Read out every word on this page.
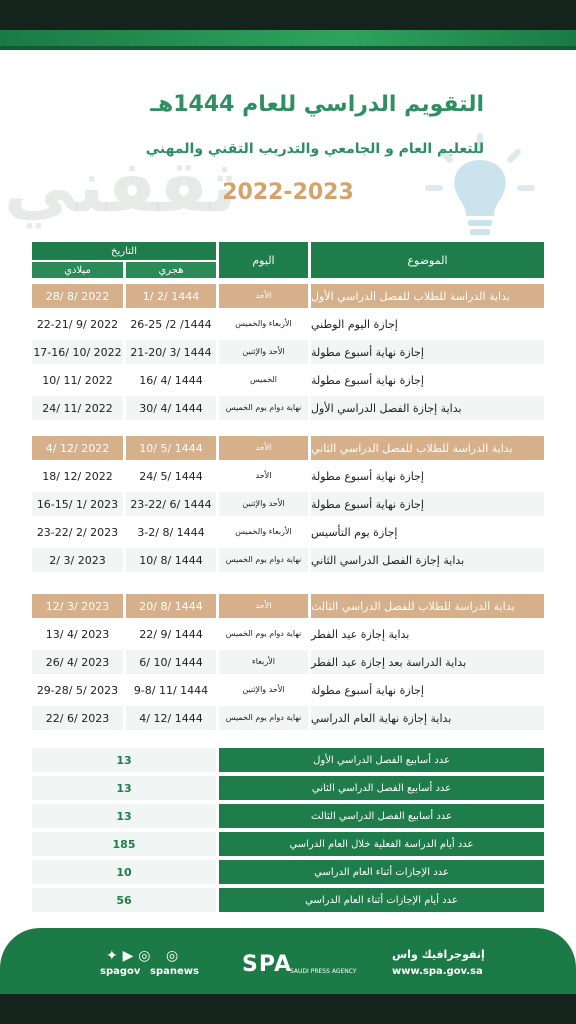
ثقفني
التقويم الدراسي للعام 1444هـ
للتعليم العام و الجامعي والتدريب التقني والمهني
2022-2023
الموضوع
اليوم
التاريخ
هجري
ميلادي
بداية الدراسة للطلاب للفصل الدراسي الأول
الأحد
1/ 2/ 1444
28/ 8/ 2022
إجازة اليوم الوطني
الأربعاء والخميس
26-25 /2 /1444
22-21/ 9/ 2022
إجازة نهاية أسبوع مطولة
الأحد والإثنين
21-20/ 3/ 1444
17-16/ 10/ 2022
إجازة نهاية أسبوع مطولة
الخميس
16/ 4/ 1444
10/ 11/ 2022
بداية إجازة الفصل الدراسي الأول
نهاية دوام يوم الخميس
30/ 4/ 1444
24/ 11/ 2022
بداية الدراسة للطلاب للفصل الدراسي الثاني
الأحد
10/ 5/ 1444
4/ 12/ 2022
إجازة نهاية أسبوع مطولة
الأحد
24/ 5/ 1444
18/ 12/ 2022
إجازة نهاية أسبوع مطولة
الأحد والإثنين
23-22/ 6/ 1444
16-15/ 1/ 2023
إجازة يوم التأسيس
الأربعاء والخميس
3-2/ 8/ 1444
23-22/ 2/ 2023
بداية إجازة الفصل الدراسي الثاني
نهاية دوام يوم الخميس
10/ 8/ 1444
2/ 3/ 2023
بداية الدراسة للطلاب للفصل الدراسي الثالث
الأحد
20/ 8/ 1444
12/ 3/ 2023
بداية إجازة عيد الفطر
نهاية دوام يوم الخميس
22/ 9/ 1444
13/ 4/ 2023
بداية الدراسة بعد إجازة عيد الفطر
الأربعاء
6/ 10/ 1444
26/ 4/ 2023
إجازة نهاية أسبوع مطولة
الأحد والإثنين
9-8/ 11/ 1444
29-28/ 5/ 2023
بداية إجازة نهاية العام الدراسي
نهاية دوام يوم الخميس
4/ 12/ 1444
22/ 6/ 2023
عدد أسابيع الفصل الدراسي الأول
13
عدد أسابيع الفصل الدراسي الثاني
13
عدد أسابيع الفصل الدراسي الثالث
13
عدد أيام الدراسة الفعلية خلال العام الدراسي
185
عدد الإجازات أثناء العام الدراسي
10
عدد أيام الإجازات أثناء العام الدراسي
56
✦ ▶ ◎ ◎
spagov spanews SPA
SAUDI PRESS AGENCY
إنفوجرافيك واس
www.spa.gov.sa
